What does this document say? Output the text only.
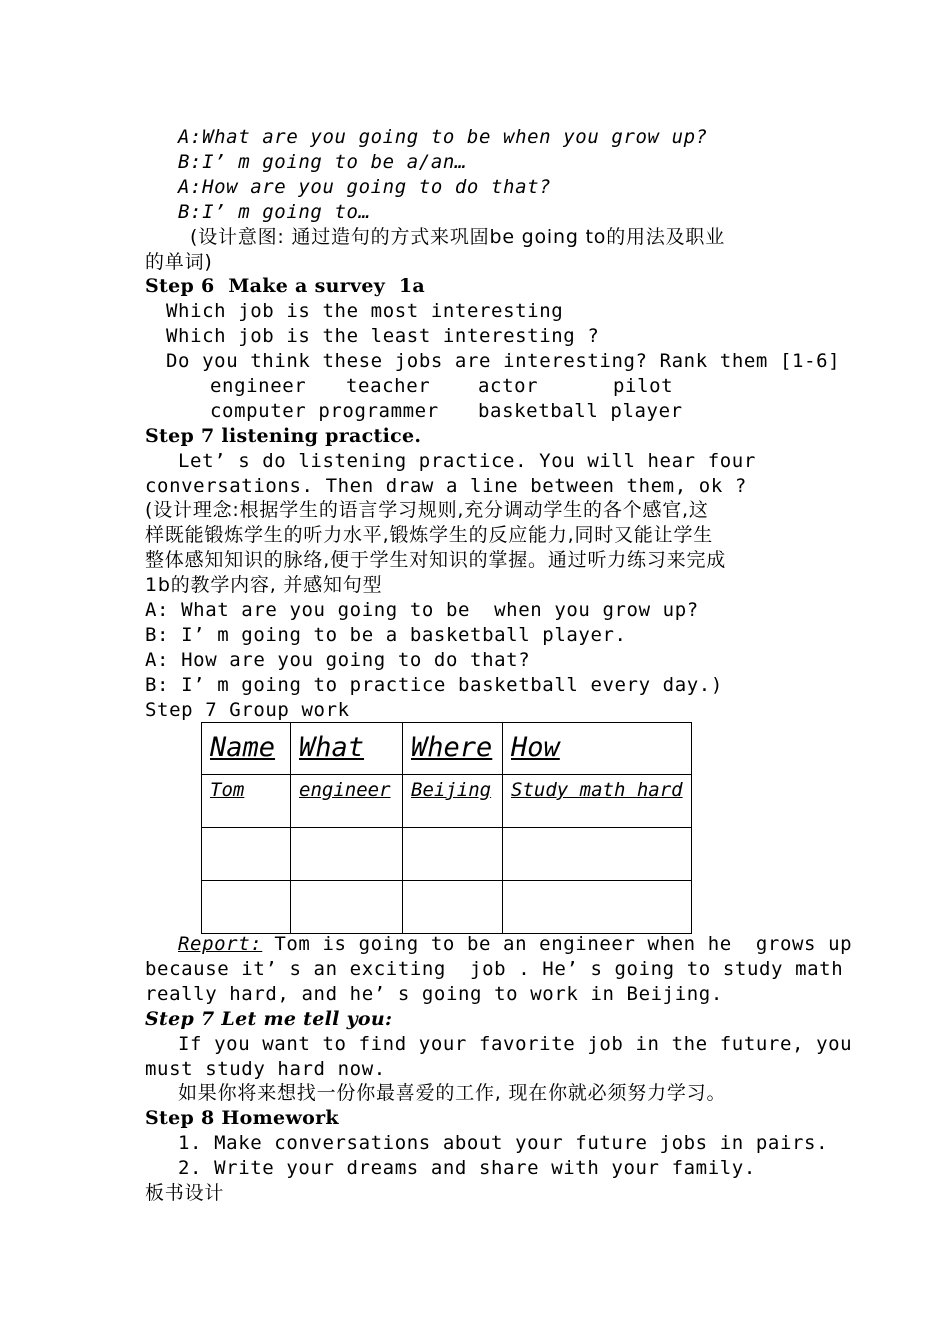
A:What are you going to be when you grow up?
B:I’ m going to be a/an…
A:How are you going to do that?
B:I’ m going to…
(设计意图: 通过造句的方式来巩固be going to的用法及职业
的单词)
Step 6  Make a survey  1a
Which job is the most interesting
Which job is the least interesting ?
Do you think these jobs are interesting? Rank them [1-6]
engineer teacher	actor	pilot
computer programmer basketball player
Step 7 listening practice.
Let’ s do listening practice. You will hear four
conversations. Then draw a line between them, ok ?
(设计理念:根据学生的语言学习规则,充分调动学生的各个感官,这
样既能锻炼学生的听力水平,锻炼学生的反应能力,同时又能让学生
整体感知知识的脉络,便于学生对知识的掌握。通过听力练习来完成
1b的教学内容, 并感知句型
A: What are you going to be  when you grow up?
B: I’ m going to be a basketball player.
A: How are you going to do that?
B: I’ m going to practice basketball every day.)
Step 7 Group work
Name	What	Where	How
Tom	engineer	Beijing	Study math hard

Report: Tom is going to be an engineer when he  grows up
because it’ s an exciting  job . He’ s going to study math
really hard, and he’ s going to work in Beijing.
Step 7 Let me tell you:
If you want to find your favorite job in the future, you
must study hard now.
如果你将来想找一份你最喜爱的工作, 现在你就必须努力学习。
Step 8 Homework
1. Make conversations about your future jobs in pairs.
2. Write your dreams and share with your family.
板书设计
